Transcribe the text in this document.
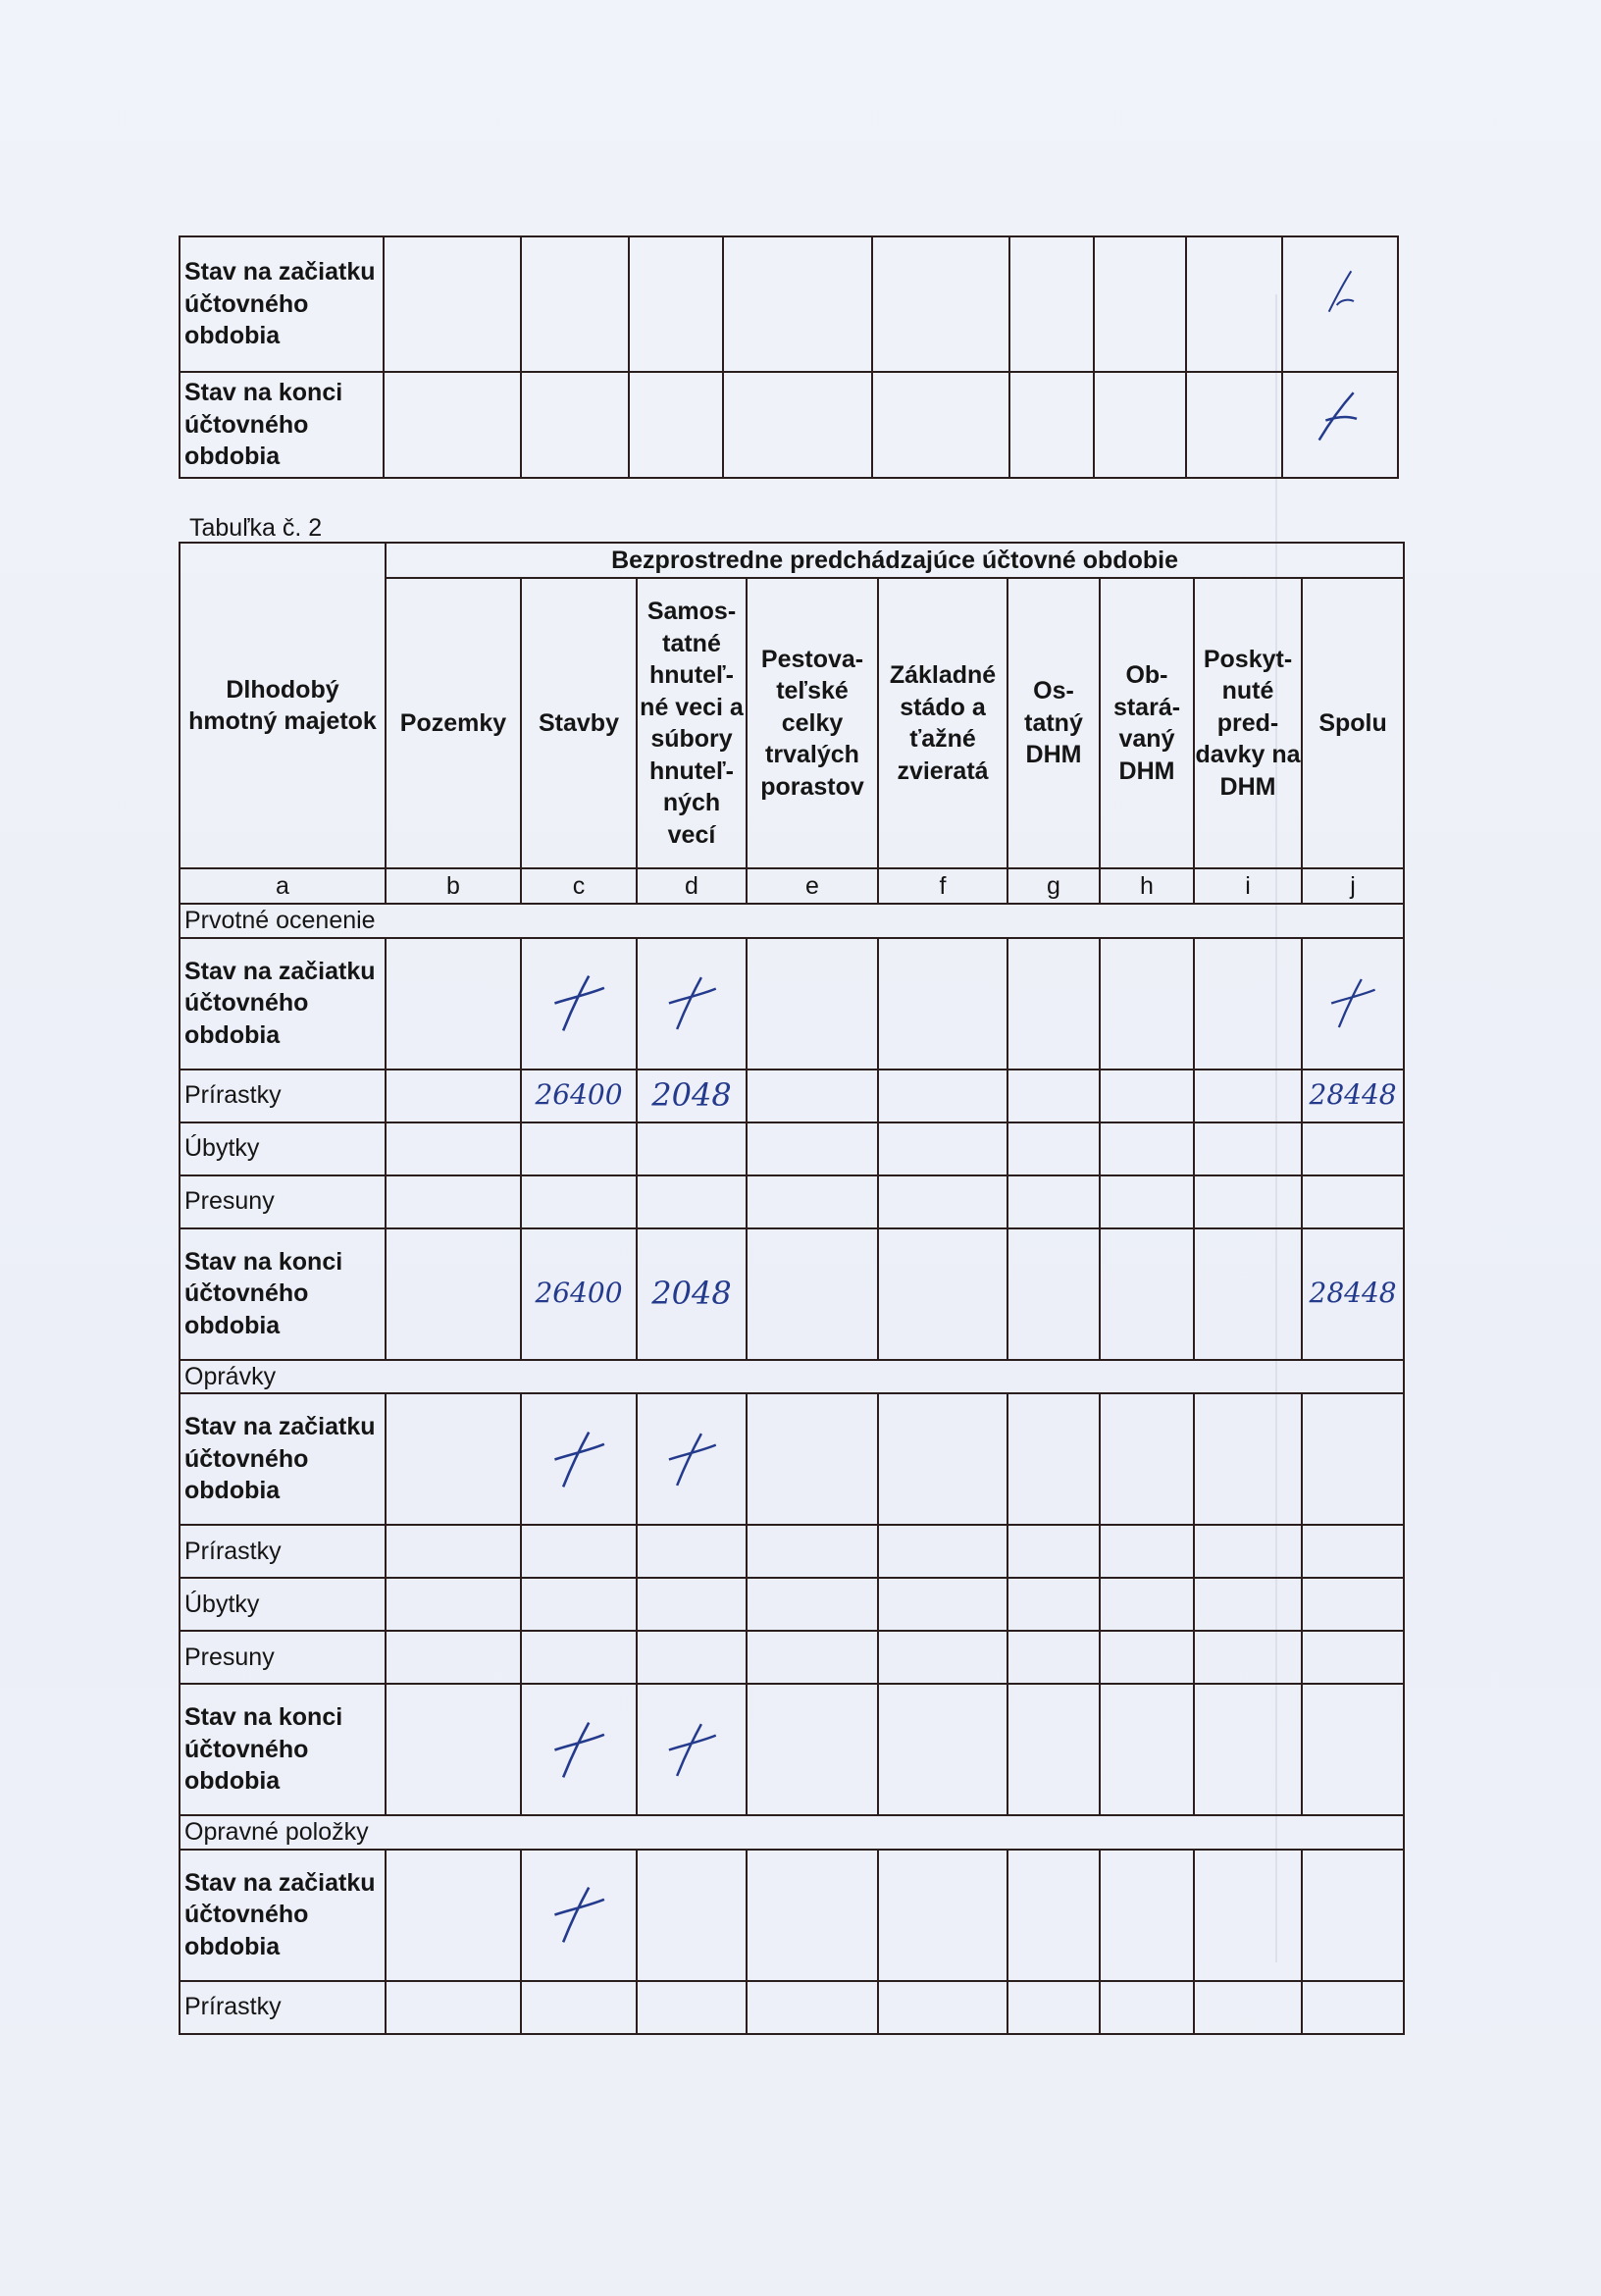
Stav na začiatku účtovného obdobia									

Stav na konci účtovného obdobia									
Tabuľka č. 2
Dlhodobý hmotný majetok	Bezprostredne predchádzajúce účtovné obdobie								
	Pozemky	Stavby	Samos-tatné hnuteľ-né veci a súbory hnuteľ-ných vecí	Pestova-teľské celky trvalých porastov	Základné stádo a ťažné zvieratá	Os-tatný DHM	Ob-stará-vaný DHM	Poskyt-nuté pred-davky na DHM	Spolu
a	b	c	d	e	f	g	h	i	j
Prvotné ocenenie									
Stav na začiatku účtovného obdobia		

Prírastky		26400	2048						28448

Úbytky									
Presuny									
Stav na konci účtovného obdobia		26400	2048						28448

Oprávky									
Stav na začiatku účtovného obdobia		

Prírastky									
Úbytky									
Presuny									
Stav na konci účtovného obdobia		

Opravné položky									
Stav na začiatku účtovného obdobia		

Prírastky									
